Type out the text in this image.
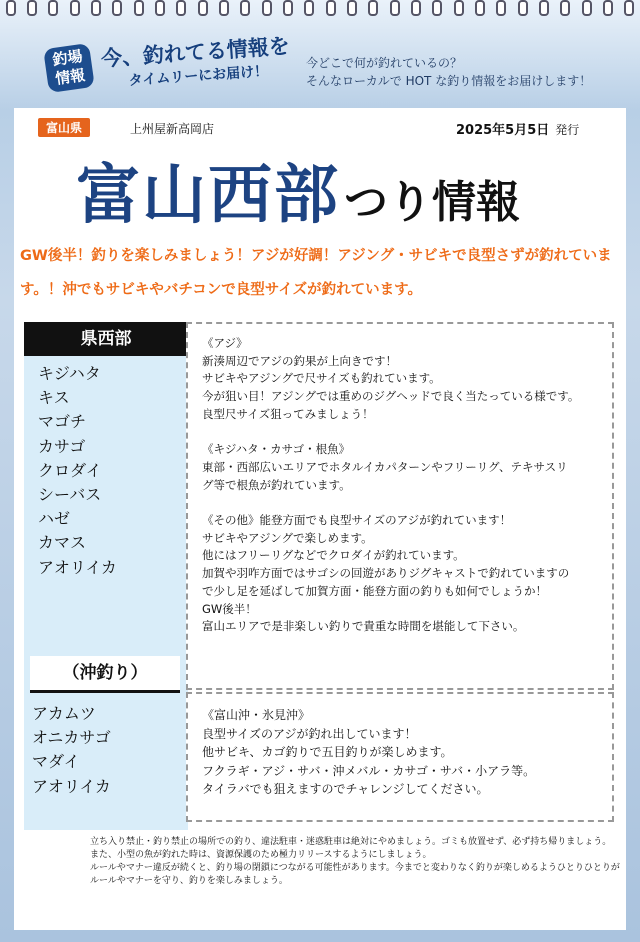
釣場
情報
今、釣れてる情報を
タイムリーにお届け！
今どこで何が釣れているの？
そんなローカルで HOT な釣り情報をお届けします！
富山県	上州屋新高岡店	2025年5月5日 発行
富山西部つり情報
GW後半！釣りを楽しみましょう！アジが好調！アジング・サビキで良型さずが釣れています。！沖でもサビキやバチコンで良型サイズが釣れています。
県西部
キジハタ
キス
マゴチ
カサゴ
クロダイ
シーバス
ハゼ
カマス
アオリイカ
（沖釣り）
アカムツ
オニカサゴ
マダイ
アオリイカ
《アジ》
新湊周辺でアジの釣果が上向きです！
サビキやアジングで尺サイズも釣れています。
今が狙い目！アジングでは重めのジグヘッドで良く当たっている様です。
良型尺サイズ狙ってみましょう！

《キジハタ・カサゴ・根魚》
東部・西部広いエリアでホタルイカパターンやフリーリグ、テキサスリ
グ等で根魚が釣れています。

《その他》能登方面でも良型サイズのアジが釣れています！
サビキやアジングで楽しめます。
他にはフリーリグなどでクロダイが釣れています。
加賀や羽咋方面ではサゴシの回遊がありジグキャストで釣れていますの
で少し足を延ばして加賀方面・能登方面の釣りも如何でしょうか！
GW後半！
富山エリアで是非楽しい釣りで貴重な時間を堪能して下さい。
《富山沖・氷見沖》
良型サイズのアジが釣れ出しています！
他サビキ、カゴ釣りで五目釣りが楽しめます。
フクラギ・アジ・サバ・沖メバル・カサゴ・サバ・小アラ等。
タイラバでも狙えますのでチャレンジしてください。
立ち入り禁止・釣り禁止の場所での釣り、違法駐車・迷惑駐車は絶対にやめましょう。ゴミも放置せず、必ず持ち帰りましょう。また、小型の魚が釣れた時は、資源保護のため極力リリースするようにしましょう。
ルールやマナー違反が続くと、釣り場の閉鎖につながる可能性があります。今までと変わりなく釣りが楽しめるようひとりひとりがルールやマナーを守り、釣りを楽しみましょう。
